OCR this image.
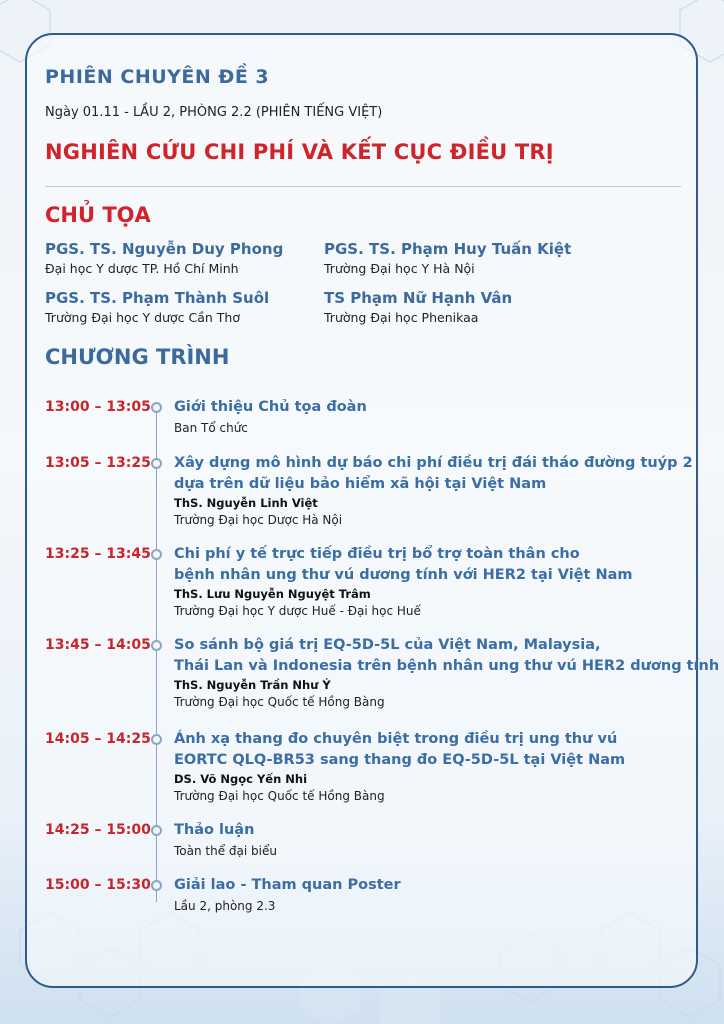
PHIÊN CHUYÊN ĐỀ 3
Ngày 01.11 - LẦU 2, PHÒNG 2.2 (PHIÊN TIẾNG VIỆT)
NGHIÊN CỨU CHI PHÍ VÀ KẾT CỤC ĐIỀU TRỊ
CHỦ TỌA
PGS. TS. Nguyễn Duy Phong
Đại học Y dược TP. Hồ Chí Minh
PGS. TS. Phạm Huy Tuấn Kiệt
Trường Đại học Y Hà Nội
PGS. TS. Phạm Thành Suôl
Trường Đại học Y dược Cần Thơ
TS Phạm Nữ Hạnh Vân
Trường Đại học Phenikaa
CHƯƠNG TRÌNH
13:00 – 13:05 Giới thiệu Chủ tọa đoàn
Ban Tổ chức
13:05 – 13:25 Xây dựng mô hình dự báo chi phí điều trị đái tháo đường tuýp 2
dựa trên dữ liệu bảo hiểm xã hội tại Việt Nam
ThS. Nguyễn Linh Việt
Trường Đại học Dược Hà Nội
13:25 – 13:45 Chi phí y tế trực tiếp điều trị bổ trợ toàn thân cho
bệnh nhân ung thư vú dương tính với HER2 tại Việt Nam
ThS. Lưu Nguyễn Nguyệt Trâm
Trường Đại học Y dược Huế - Đại học Huế
13:45 – 14:05 So sánh bộ giá trị EQ-5D-5L của Việt Nam, Malaysia,
Thái Lan và Indonesia trên bệnh nhân ung thư vú HER2 dương tính
ThS. Nguyễn Trần Như Ý
Trường Đại học Quốc tế Hồng Bàng
14:05 – 14:25 Ánh xạ thang đo chuyên biệt trong điều trị ung thư vú
EORTC QLQ-BR53 sang thang đo EQ-5D-5L tại Việt Nam
DS. Võ Ngọc Yến Nhi
Trường Đại học Quốc tế Hồng Bàng
14:25 – 15:00 Thảo luận
Toàn thể đại biểu
15:00 – 15:30 Giải lao - Tham quan Poster
Lầu 2, phòng 2.3
